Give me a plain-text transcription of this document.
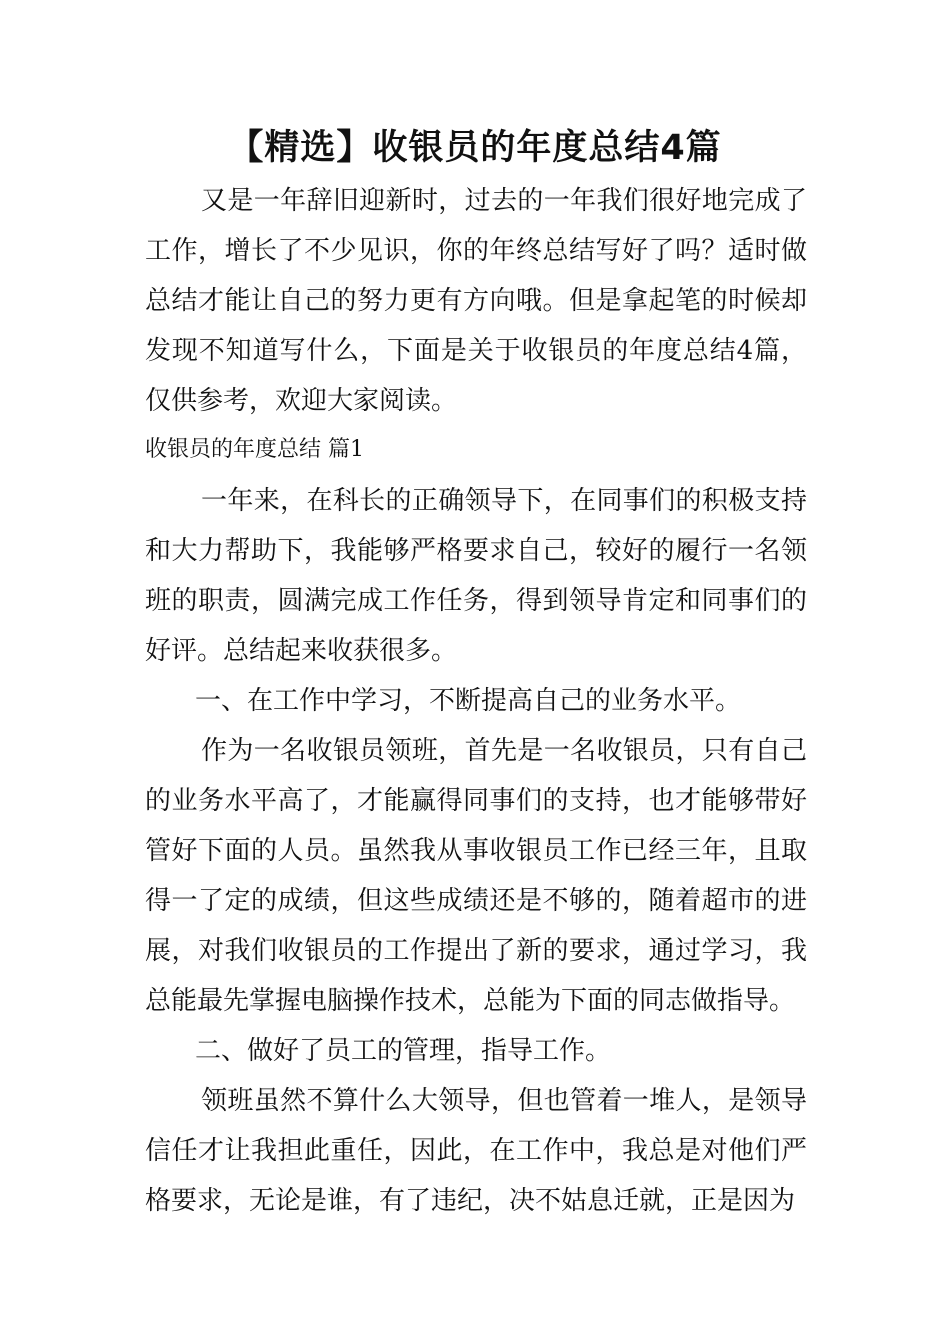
【精选】收银员的年度总结4篇

又是一年辞旧迎新时，过去的一年我们很好地完成了工作，增长了不少见识，你的年终总结写好了吗？适时做总结才能让自己的努力更有方向哦。但是拿起笔的时候却发现不知道写什么，下面是关于收银员的年度总结4篇，仅供参考，欢迎大家阅读。

收银员的年度总结 篇1

一年来，在科长的正确领导下，在同事们的积极支持和大力帮助下，我能够严格要求自己，较好的履行一名领班的职责，圆满完成工作任务，得到领导肯定和同事们的好评。总结起来收获很多。

一、在工作中学习，不断提高自己的业务水平。

作为一名收银员领班，首先是一名收银员，只有自己的业务水平高了，才能赢得同事们的支持，也才能够带好管好下面的人员。虽然我从事收银员工作已经三年，且取得一了定的成绩，但这些成绩还是不够的，随着超市的进展，对我们收银员的工作提出了新的要求，通过学习，我总能最先掌握电脑操作技术，总能为下面的同志做指导。

二、做好了员工的管理，指导工作。

领班虽然不算什么大领导，但也管着一堆人，是领导信任才让我担此重任，因此，在工作中，我总是对他们严格要求，无论是谁，有了违纪，决不姑息迁就，正是因为
